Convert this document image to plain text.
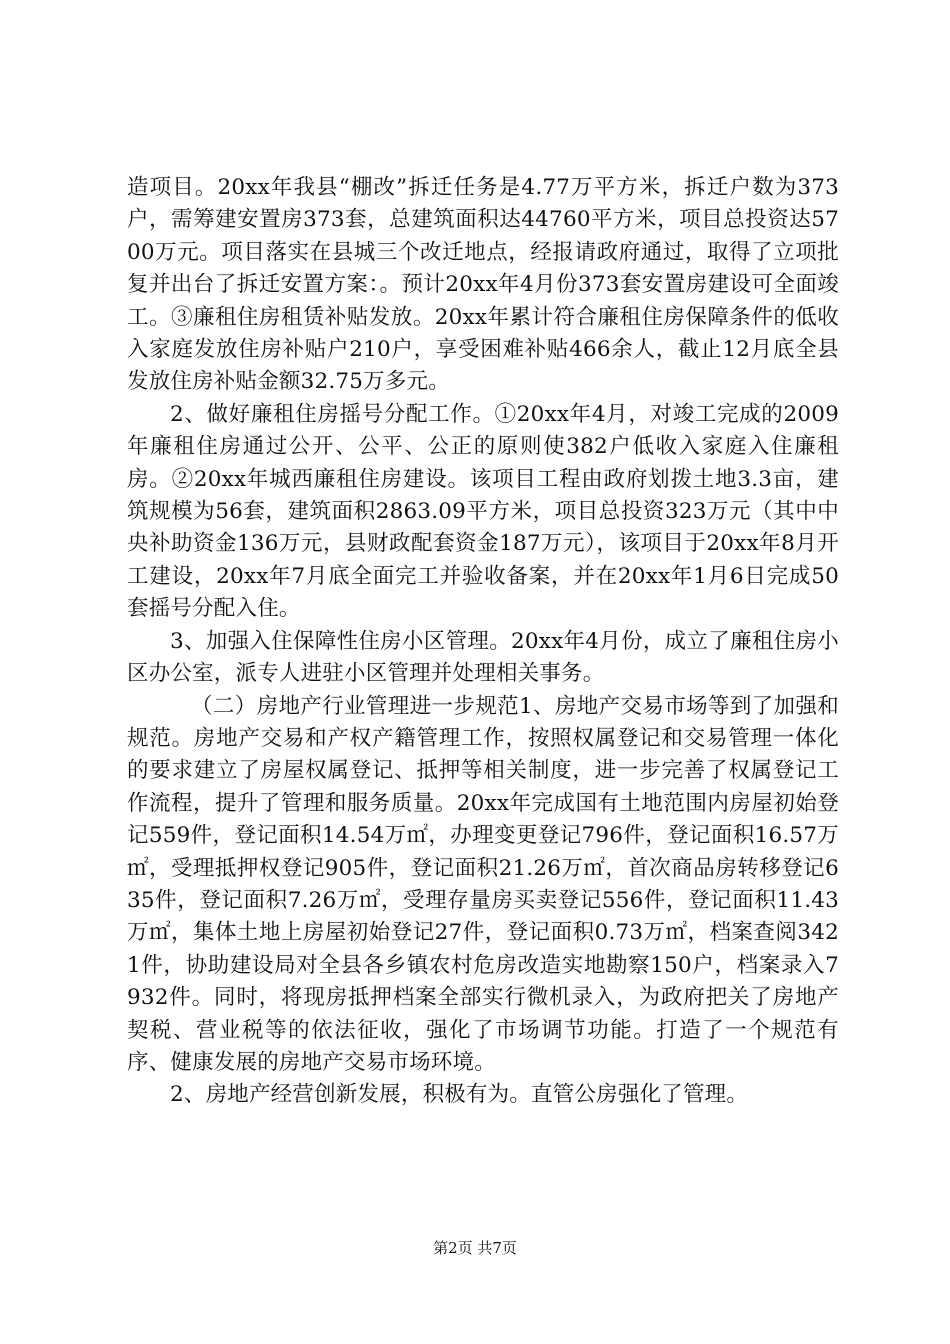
造项目。20xx年我县“棚改”拆迁任务是4.77万平方米，拆迁户数为373户，需筹建安置房373套，总建筑面积达44760平方米，项目总投资达5700万元。项目落实在县城三个改迁地点，经报请政府通过，取得了立项批复并出台了拆迁安置方案：。预计20xx年4月份373套安置房建设可全面竣工。③廉租住房租赁补贴发放。20xx年累计符合廉租住房保障条件的低收入家庭发放住房补贴户210户，享受困难补贴466余人，截止12月底全县发放住房补贴金额32.75万多元。

2、做好廉租住房摇号分配工作。①20xx年4月，对竣工完成的2009年廉租住房通过公开、公平、公正的原则使382户低收入家庭入住廉租房。②20xx年城西廉租住房建设。该项目工程由政府划拨土地3.3亩，建筑规模为56套，建筑面积2863.09平方米，项目总投资323万元（其中中央补助资金136万元，县财政配套资金187万元），该项目于20xx年8月开工建设，20xx年7月底全面完工并验收备案，并在20xx年1月6日完成50套摇号分配入住。

3、加强入住保障性住房小区管理。20xx年4月份，成立了廉租住房小区办公室，派专人进驻小区管理并处理相关事务。

（二）房地产行业管理进一步规范1、房地产交易市场等到了加强和规范。房地产交易和产权产籍管理工作，按照权属登记和交易管理一体化的要求建立了房屋权属登记、抵押等相关制度，进一步完善了权属登记工作流程，提升了管理和服务质量。20xx年完成国有土地范围内房屋初始登记559件，登记面积14.54万㎡，办理变更登记796件，登记面积16.57万㎡，受理抵押权登记905件，登记面积21.26万㎡，首次商品房转移登记635件，登记面积7.26万㎡，受理存量房买卖登记556件，登记面积11.43万㎡，集体土地上房屋初始登记27件，登记面积0.73万㎡，档案查阅3421件，协助建设局对全县各乡镇农村危房改造实地勘察150户，档案录入7932件。同时，将现房抵押档案全部实行微机录入，为政府把关了房地产契税、营业税等的依法征收，强化了市场调节功能。打造了一个规范有序、健康发展的房地产交易市场环境。

2、房地产经营创新发展，积极有为。直管公房强化了管理。

第2页 共7页
